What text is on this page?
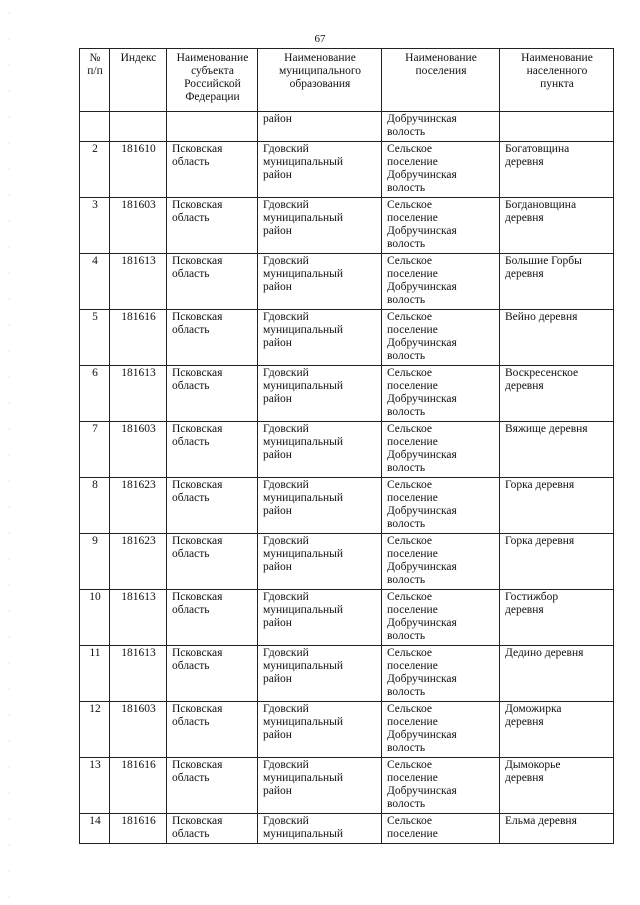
67
№
п/п	Индекс	Наименование
субъекта
Российской
Федерации	Наименование
муниципального
образования	Наименование
поселения	Наименование
населенного
пункта

			район	Добручинская
волость	

2	181610	Псковская
область	Гдовский
муниципальный
район	Сельское
поселение
Добручинская
волость	Богатовщина
деревня

3	181603	Псковская
область	Гдовский
муниципальный
район	Сельское
поселение
Добручинская
волость	Богдановщина
деревня

4	181613	Псковская
область	Гдовский
муниципальный
район	Сельское
поселение
Добручинская
волость	Большие Горбы
деревня

5	181616	Псковская
область	Гдовский
муниципальный
район	Сельское
поселение
Добручинская
волость	Вейно деревня

6	181613	Псковская
область	Гдовский
муниципальный
район	Сельское
поселение
Добручинская
волость	Воскресенское
деревня

7	181603	Псковская
область	Гдовский
муниципальный
район	Сельское
поселение
Добручинская
волость	Вяжище деревня

8	181623	Псковская
область	Гдовский
муниципальный
район	Сельское
поселение
Добручинская
волость	Горка деревня

9	181623	Псковская
область	Гдовский
муниципальный
район	Сельское
поселение
Добручинская
волость	Горка деревня

10	181613	Псковская
область	Гдовский
муниципальный
район	Сельское
поселение
Добручинская
волость	Гостижбор
деревня

11	181613	Псковская
область	Гдовский
муниципальный
район	Сельское
поселение
Добручинская
волость	Дедино деревня

12	181603	Псковская
область	Гдовский
муниципальный
район	Сельское
поселение
Добручинская
волость	Доможирка
деревня

13	181616	Псковская
область	Гдовский
муниципальный
район	Сельское
поселение
Добручинская
волость	Дымокорье
деревня

14	181616	Псковская
область	Гдовский
муниципальный	Сельское
поселение	Ельма деревня
